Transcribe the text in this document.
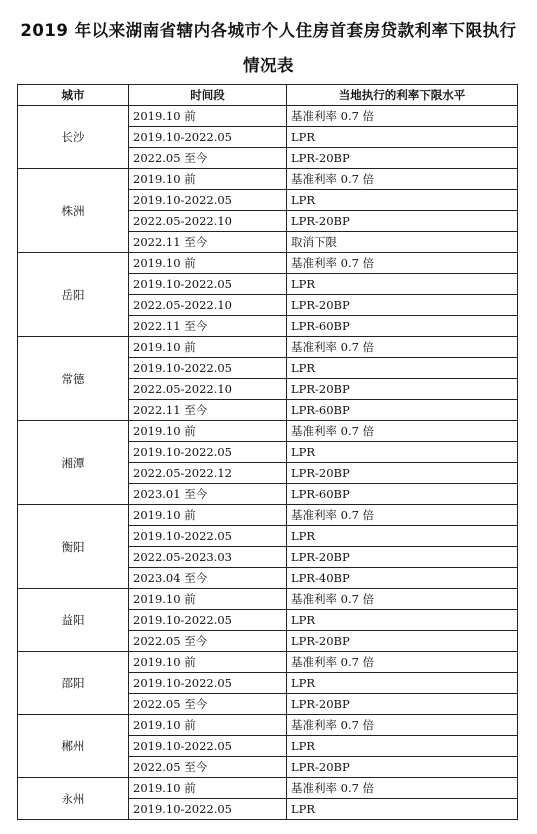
2019 年以来湖南省辖内各城市个人住房首套房贷款利率下限执行
情况表
城市	时间段	当地执行的利率下限水平
长沙	2019.10 前	基准利率 0.7 倍
	2019.10-2022.05	LPR
	2022.05 至今	LPR-20BP
株洲	2019.10 前	基准利率 0.7 倍
	2019.10-2022.05	LPR
	2022.05-2022.10	LPR-20BP
	2022.11 至今	取消下限
岳阳	2019.10 前	基准利率 0.7 倍
	2019.10-2022.05	LPR
	2022.05-2022.10	LPR-20BP
	2022.11 至今	LPR-60BP
常德	2019.10 前	基准利率 0.7 倍
	2019.10-2022.05	LPR
	2022.05-2022.10	LPR-20BP
	2022.11 至今	LPR-60BP
湘潭	2019.10 前	基准利率 0.7 倍
	2019.10-2022.05	LPR
	2022.05-2022.12	LPR-20BP
	2023.01 至今	LPR-60BP
衡阳	2019.10 前	基准利率 0.7 倍
	2019.10-2022.05	LPR
	2022.05-2023.03	LPR-20BP
	2023.04 至今	LPR-40BP
益阳	2019.10 前	基准利率 0.7 倍
	2019.10-2022.05	LPR
	2022.05 至今	LPR-20BP
邵阳	2019.10 前	基准利率 0.7 倍
	2019.10-2022.05	LPR
	2022.05 至今	LPR-20BP
郴州	2019.10 前	基准利率 0.7 倍
	2019.10-2022.05	LPR
	2022.05 至今	LPR-20BP
永州	2019.10 前	基准利率 0.7 倍
	2019.10-2022.05	LPR
